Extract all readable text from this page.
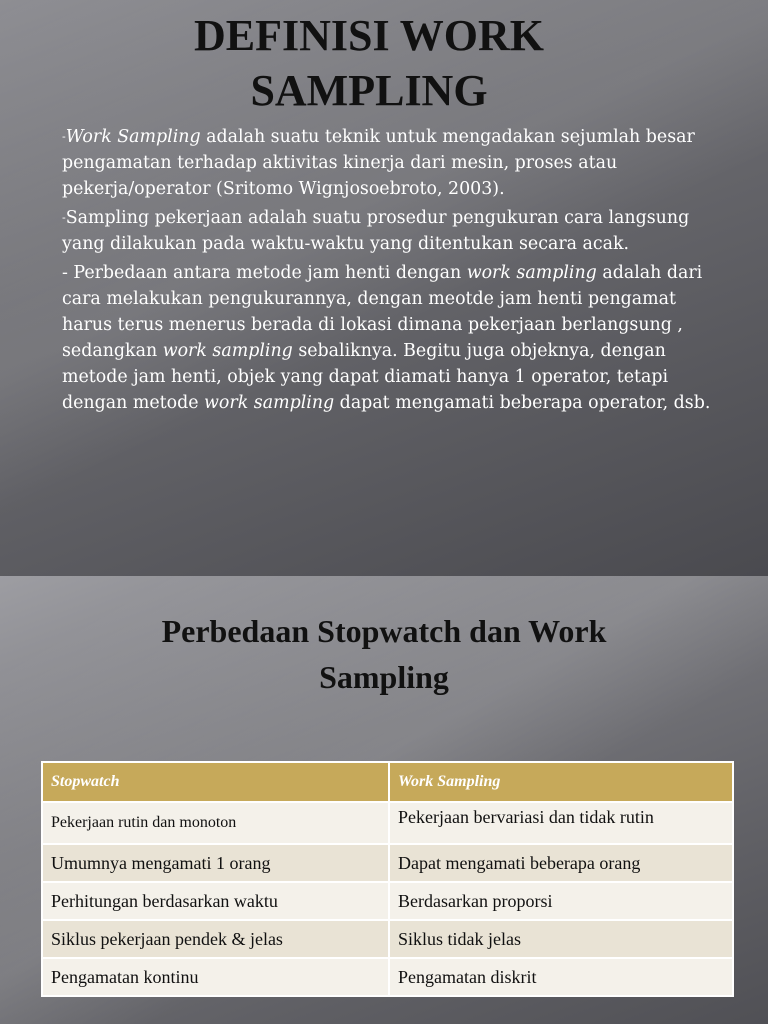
DEFINISI WORK
SAMPLING

-Work Sampling adalah suatu teknik untuk mengadakan sejumlah besar pengamatan terhadap aktivitas kinerja dari mesin, proses atau pekerja/operator (Sritomo Wignjosoebroto, 2003).

-Sampling pekerjaan adalah suatu prosedur pengukuran cara langsung yang dilakukan pada waktu-waktu yang ditentukan secara acak.

- Perbedaan antara metode jam henti dengan work sampling adalah dari cara melakukan pengukurannya, dengan meotde jam henti pengamat harus terus menerus berada di lokasi dimana pekerjaan berlangsung , sedangkan work sampling sebaliknya. Begitu juga objeknya, dengan metode jam henti, objek yang dapat diamati hanya 1 operator, tetapi dengan metode work sampling dapat mengamati beberapa operator, dsb.

Perbedaan Stopwatch dan Work
Sampling
Stopwatch	Work Sampling
Pekerjaan rutin dan monoton	Pekerjaan bervariasi dan tidak rutin
Umumnya mengamati 1 orang	Dapat mengamati beberapa orang
Perhitungan berdasarkan waktu	Berdasarkan proporsi
Siklus pekerjaan pendek & jelas	Siklus tidak jelas
Pengamatan kontinu	Pengamatan diskrit
